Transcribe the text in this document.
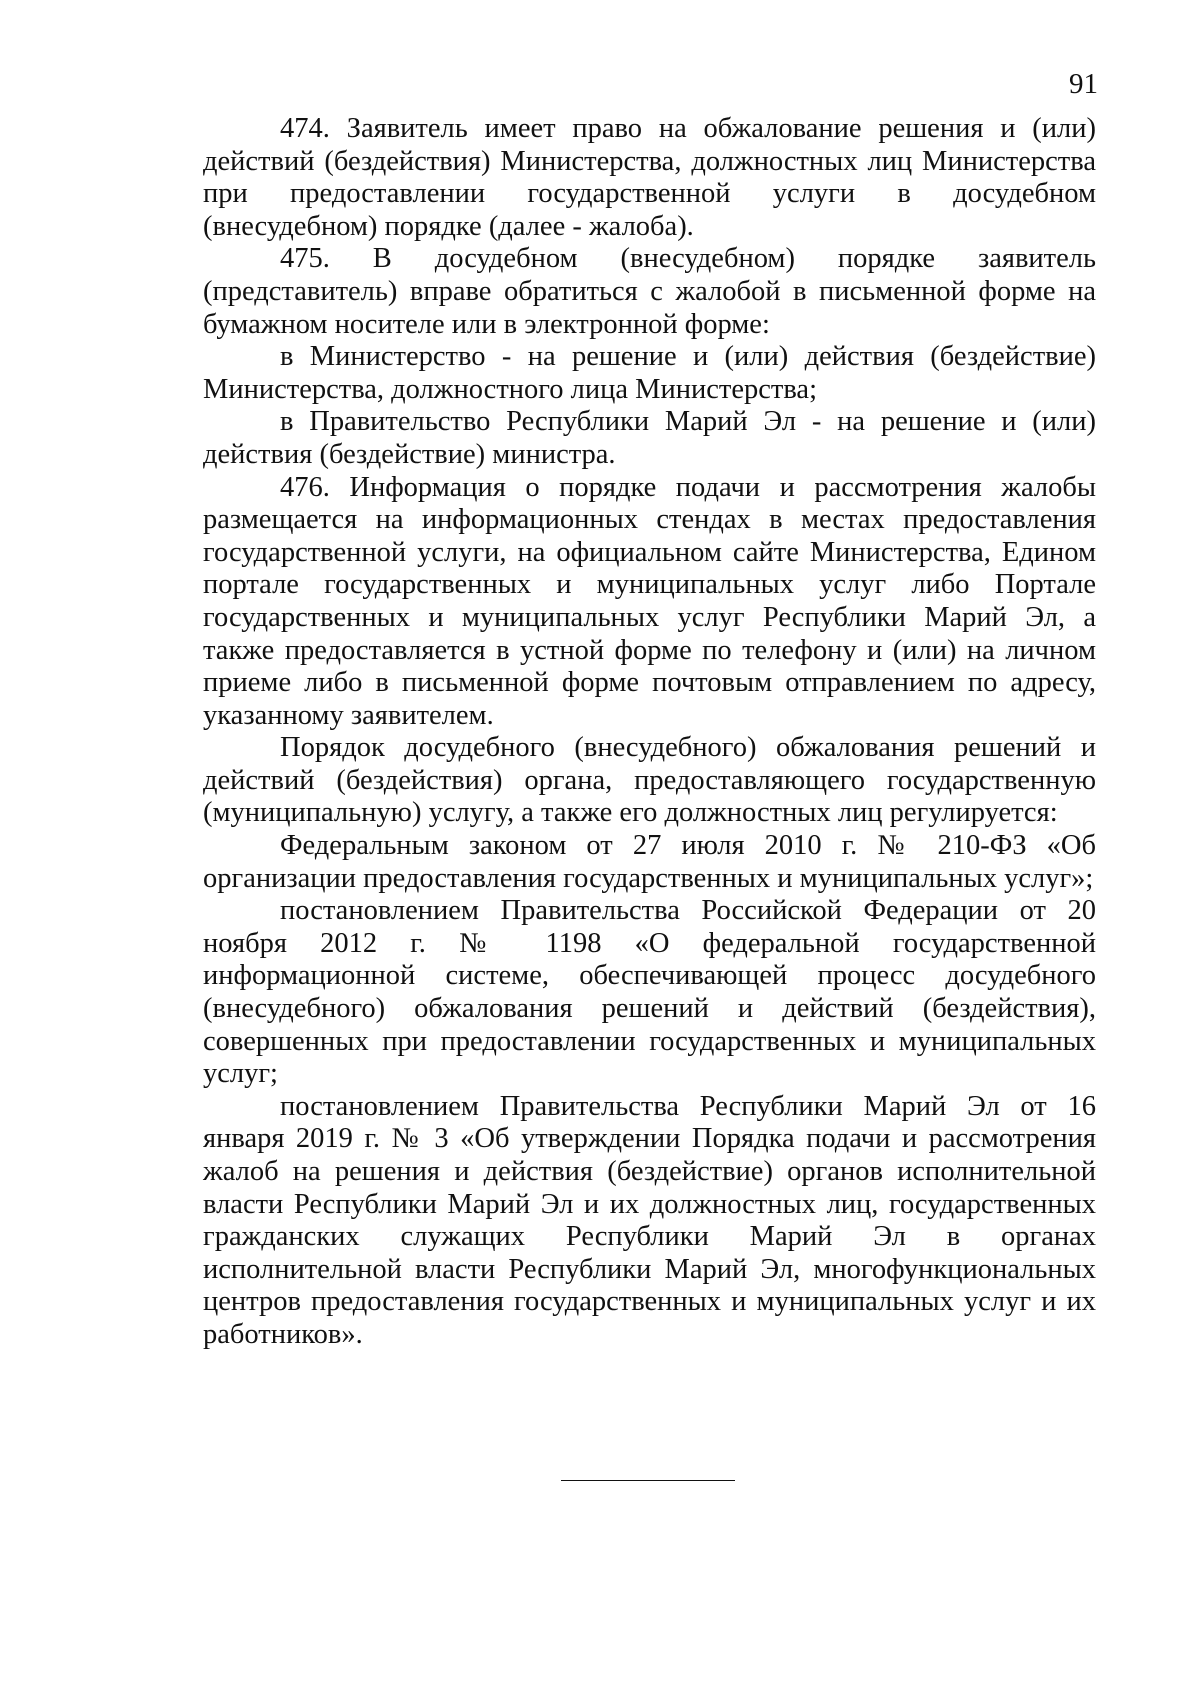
91

474. Заявитель имеет право на обжалование решения и (или) действий (бездействия) Министерства, должностных лиц Министерства при предоставлении государственной услуги в досудебном (внесудебном) порядке (далее - жалоба).

475. В досудебном (внесудебном) порядке заявитель (представитель) вправе обратиться с жалобой в письменной форме на бумажном носителе или в электронной форме:

в Министерство - на решение и (или) действия (бездействие) Министерства, должностного лица Министерства;

в Правительство Республики Марий Эл - на решение и (или) действия (бездействие) министра.

476. Информация о порядке подачи и рассмотрения жалобы размещается на информационных стендах в местах предоставления государственной услуги, на официальном сайте Министерства, Едином портале государственных и муниципальных услуг либо Портале государственных и муниципальных услуг Республики Марий Эл, а также предоставляется в устной форме по телефону и (или) на личном приеме либо в письменной форме почтовым отправлением по адресу, указанному заявителем.

Порядок досудебного (внесудебного) обжалования решений и действий (бездействия) органа, предоставляющего государственную (муниципальную) услугу, а также его должностных лиц регулируется:

Федеральным законом от 27 июля 2010 г. № 210-ФЗ «Об организации предоставления государственных и муниципальных услуг»;

постановлением Правительства Российской Федерации от 20 ноября 2012 г. № 1198 «О федеральной государственной информационной системе, обеспечивающей процесс досудебного (внесудебного) обжалования решений и действий (бездействия), совершенных при предоставлении государственных и муниципальных услуг;

постановлением Правительства Республики Марий Эл от 16 января 2019 г. № 3 «Об утверждении Порядка подачи и рассмотрения жалоб на решения и действия (бездействие) органов исполнительной власти Республики Марий Эл и их должностных лиц, государственных гражданских служащих Республики Марий Эл в органах исполнительной власти Республики Марий Эл, многофункциональных центров предоставления государственных и муниципальных услуг и их работников».
